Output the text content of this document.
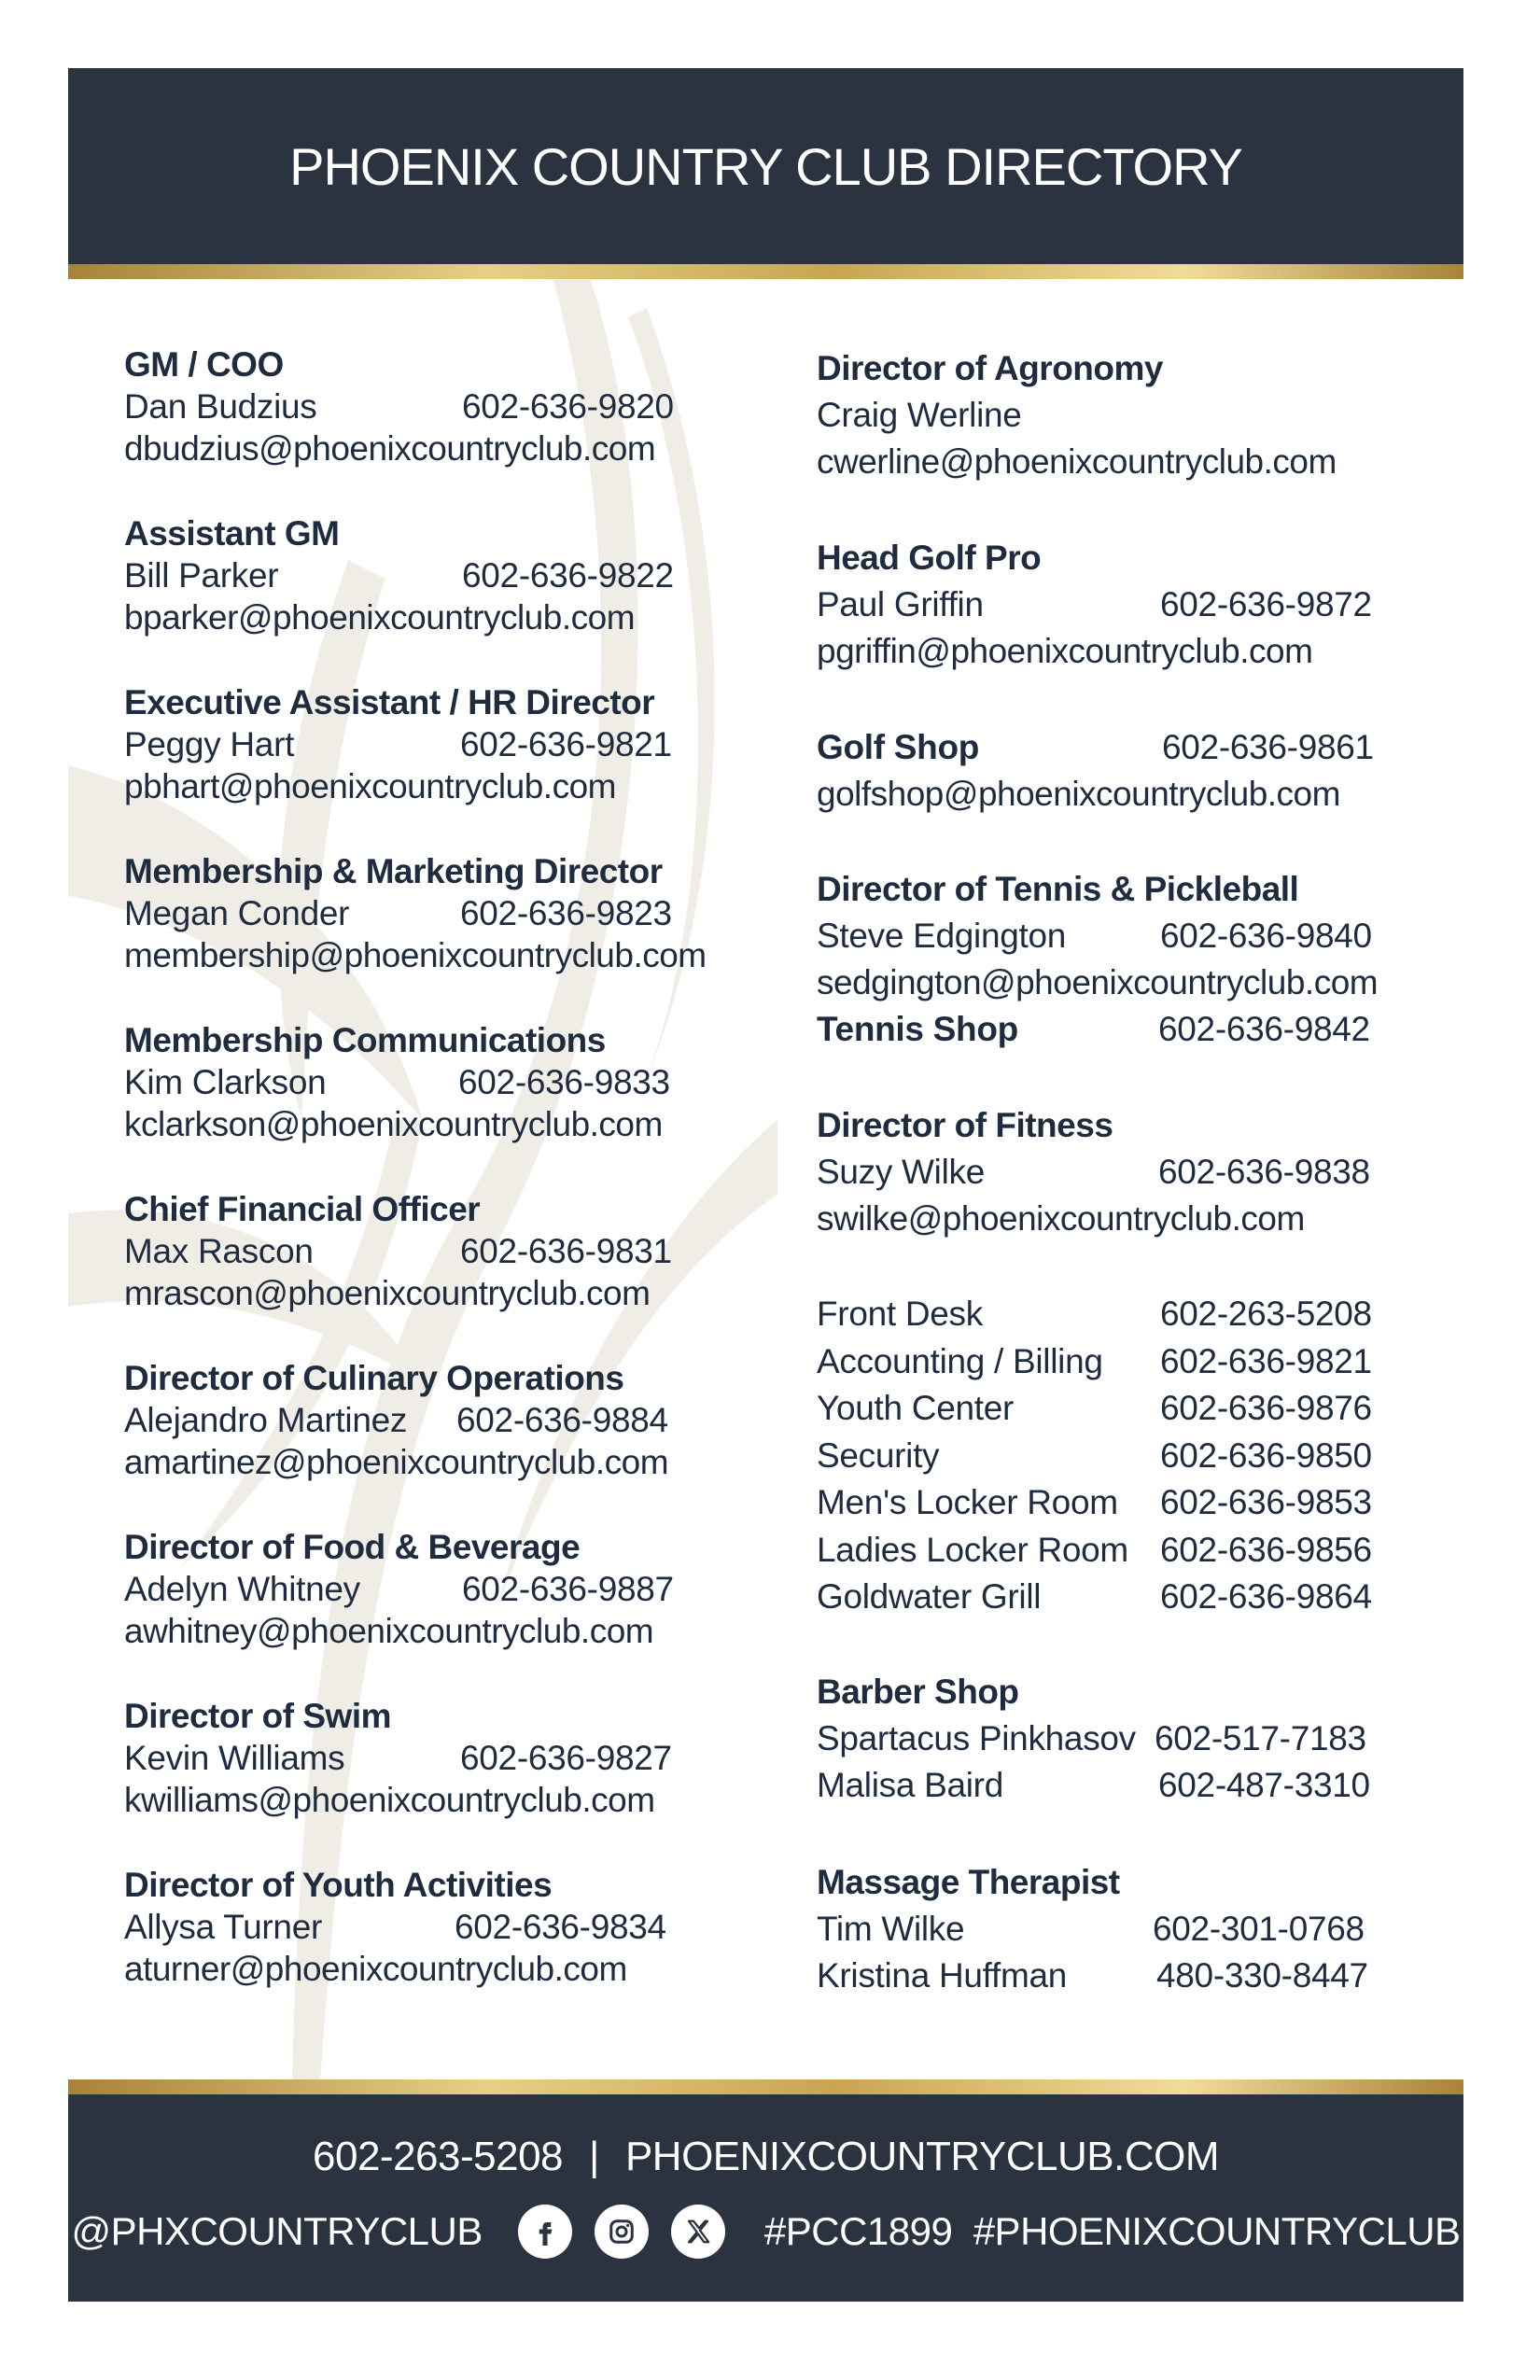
PHOENIX COUNTRY CLUB DIRECTORY
GM / COO
Dan Budzius	602-636-9820
dbudzius@phoenixcountryclub.com
Assistant GM
Bill Parker	602-636-9822
bparker@phoenixcountryclub.com
Executive Assistant / HR Director
Peggy Hart	602-636-9821
pbhart@phoenixcountryclub.com
Membership & Marketing Director
Megan Conder	602-636-9823
membership@phoenixcountryclub.com
Membership Communications
Kim Clarkson	602-636-9833
kclarkson@phoenixcountryclub.com
Chief Financial Officer
Max Rascon	602-636-9831
mrascon@phoenixcountryclub.com
Director of Culinary Operations
Alejandro Martinez 602-636-9884
amartinez@phoenixcountryclub.com
Director of Food & Beverage
Adelyn Whitney	602-636-9887
awhitney@phoenixcountryclub.com
Director of Swim
Kevin Williams	602-636-9827
kwilliams@phoenixcountryclub.com
Director of Youth Activities
Allysa Turner	602-636-9834
aturner@phoenixcountryclub.com
Director of Agronomy
Craig Werline
cwerline@phoenixcountryclub.com
Head Golf Pro
Paul Griffin	602-636-9872
pgriffin@phoenixcountryclub.com
Golf Shop	602-636-9861
golfshop@phoenixcountryclub.com
Director of Tennis & Pickleball
Steve Edgington	602-636-9840
sedgington@phoenixcountryclub.com
Tennis Shop	602-636-9842
Director of Fitness
Suzy Wilke	602-636-9838
swilke@phoenixcountryclub.com
Front Desk	602-263-5208
Accounting / Billing 602-636-9821
Youth Center	602-636-9876
Security	602-636-9850
Men's Locker Room 602-636-9853
Ladies Locker Room 602-636-9856
Goldwater Grill	602-636-9864
Barber Shop
Spartacus Pinkhasov 602-517-7183
Malisa Baird	602-487-3310
Massage Therapist
Tim Wilke	602-301-0768
Kristina Huffman	480-330-8447
602-263-5208 | PHOENIXCOUNTRYCLUB.COM
@PHXCOUNTRYCLUB	#PCC1899  #PHOENIXCOUNTRYCLUB
